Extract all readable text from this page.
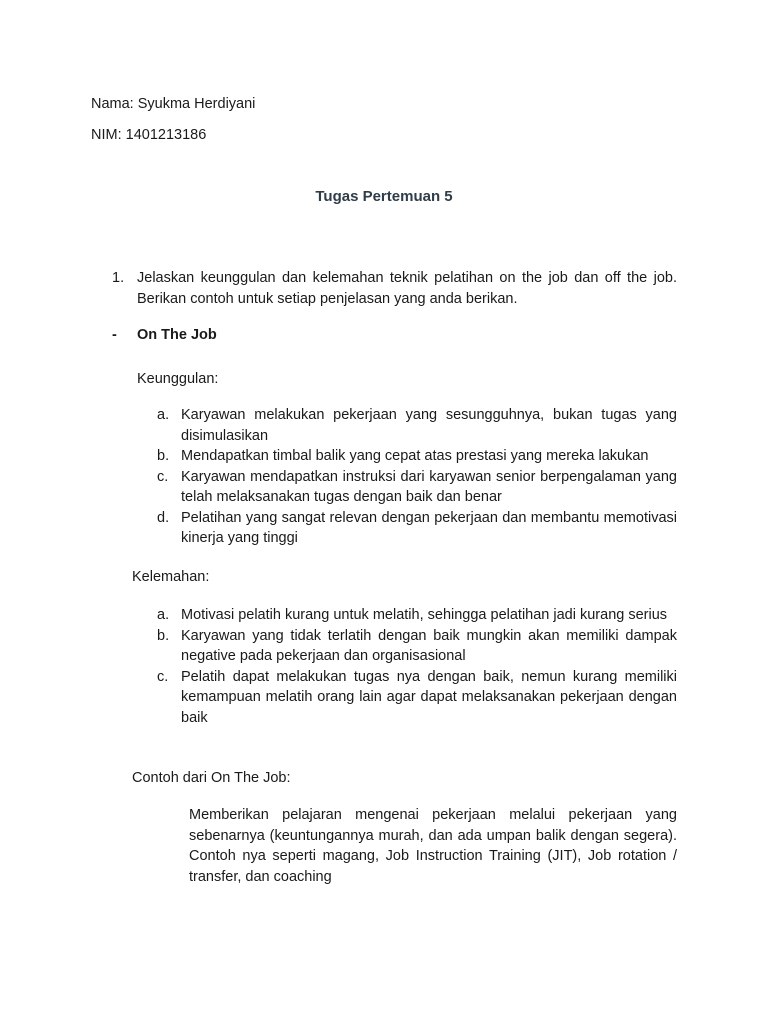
Nama: Syukma Herdiyani

NIM: 1401213186

Tugas Pertemuan 5
1. Jelaskan keunggulan dan kelemahan teknik pelatihan on the job dan off the job. Berikan contoh untuk setiap penjelasan yang anda berikan.

- On The Job
Keunggulan:
a. Karyawan melakukan pekerjaan yang sesungguhnya, bukan tugas yang disimulasikan
b. Mendapatkan timbal balik yang cepat atas prestasi yang mereka lakukan
c. Karyawan mendapatkan instruksi dari karyawan senior berpengalaman yang telah melaksanakan tugas dengan baik dan benar
d. Pelatihan yang sangat relevan dengan pekerjaan dan membantu memotivasi kinerja yang tinggi
Kelemahan:
a. Motivasi pelatih kurang untuk melatih, sehingga pelatihan jadi kurang serius
b. Karyawan yang tidak terlatih dengan baik mungkin akan memiliki dampak negative pada pekerjaan dan organisasional
c. Pelatih dapat melakukan tugas nya dengan baik, nemun kurang memiliki kemampuan melatih orang lain agar dapat melaksanakan pekerjaan dengan baik
Contoh dari On The Job:

Memberikan pelajaran mengenai pekerjaan melalui pekerjaan yang sebenarnya (keuntungannya murah, dan ada umpan balik dengan segera). Contoh nya seperti magang, Job Instruction Training (JIT), Job rotation / transfer, dan coaching
